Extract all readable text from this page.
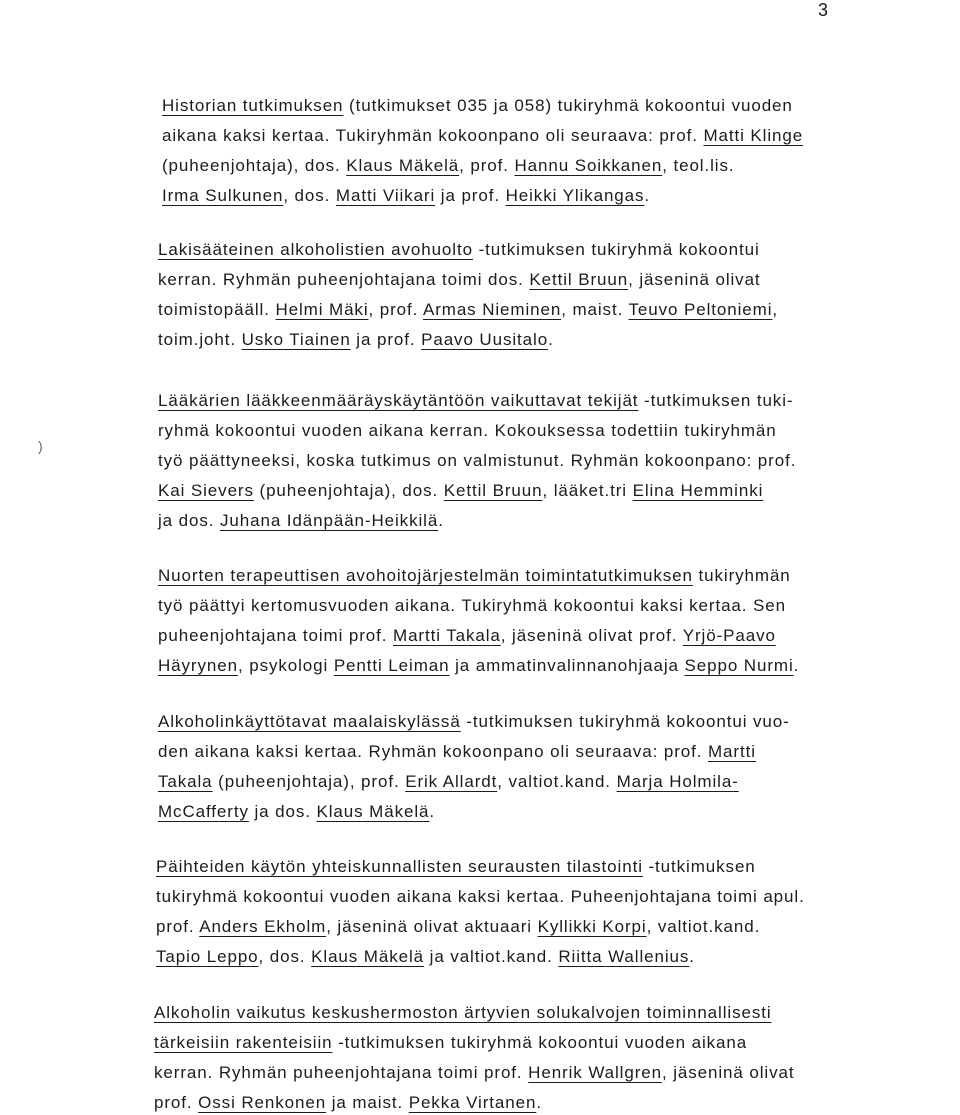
3
)
Historian tutkimuksen (tutkimukset 035 ja 058) tukiryhmä kokoontui vuoden
aikana kaksi kertaa. Tukiryhmän kokoonpano oli seuraava: prof. Matti Klinge
(puheenjohtaja), dos. Klaus Mäkelä, prof. Hannu Soikkanen, teol.lis.
Irma Sulkunen, dos. Matti Viikari ja prof. Heikki Ylikangas.
Lakisääteinen alkoholistien avohuolto -tutkimuksen tukiryhmä kokoontui
kerran. Ryhmän puheenjohtajana toimi dos. Kettil Bruun, jäseninä olivat
toimistopääll. Helmi Mäki, prof. Armas Nieminen, maist. Teuvo Peltoniemi,
toim.joht. Usko Tiainen ja prof. Paavo Uusitalo.
Lääkärien lääkkeenmääräyskäytäntöön vaikuttavat tekijät -tutkimuksen tuki-
ryhmä kokoontui vuoden aikana kerran. Kokouksessa todettiin tukiryhmän
työ päättyneeksi, koska tutkimus on valmistunut. Ryhmän kokoonpano: prof.
Kai Sievers (puheenjohtaja), dos. Kettil Bruun, lääket.tri Elina Hemminki
ja dos. Juhana Idänpään-Heikkilä.
Nuorten terapeuttisen avohoitojärjestelmän toimintatutkimuksen tukiryhmän
työ päättyi kertomusvuoden aikana. Tukiryhmä kokoontui kaksi kertaa. Sen
puheenjohtajana toimi prof. Martti Takala, jäseninä olivat prof. Yrjö-Paavo
Häyrynen, psykologi Pentti Leiman ja ammatinvalinnanohjaaja Seppo Nurmi.
Alkoholinkäyttötavat maalaiskylässä -tutkimuksen tukiryhmä kokoontui vuo-
den aikana kaksi kertaa. Ryhmän kokoonpano oli seuraava: prof. Martti
Takala (puheenjohtaja), prof. Erik Allardt, valtiot.kand. Marja Holmila-
McCafferty ja dos. Klaus Mäkelä.
Päihteiden käytön yhteiskunnallisten seurausten tilastointi -tutkimuksen
tukiryhmä kokoontui vuoden aikana kaksi kertaa. Puheenjohtajana toimi apul.
prof. Anders Ekholm, jäseninä olivat aktuaari Kyllikki Korpi, valtiot.kand.
Tapio Leppo, dos. Klaus Mäkelä ja valtiot.kand. Riitta Wallenius.
Alkoholin vaikutus keskushermoston ärtyvien solukalvojen toiminnallisesti
tärkeisiin rakenteisiin -tutkimuksen tukiryhmä kokoontui vuoden aikana
kerran. Ryhmän puheenjohtajana toimi prof. Henrik Wallgren, jäseninä olivat
prof. Ossi Renkonen ja maist. Pekka Virtanen.
